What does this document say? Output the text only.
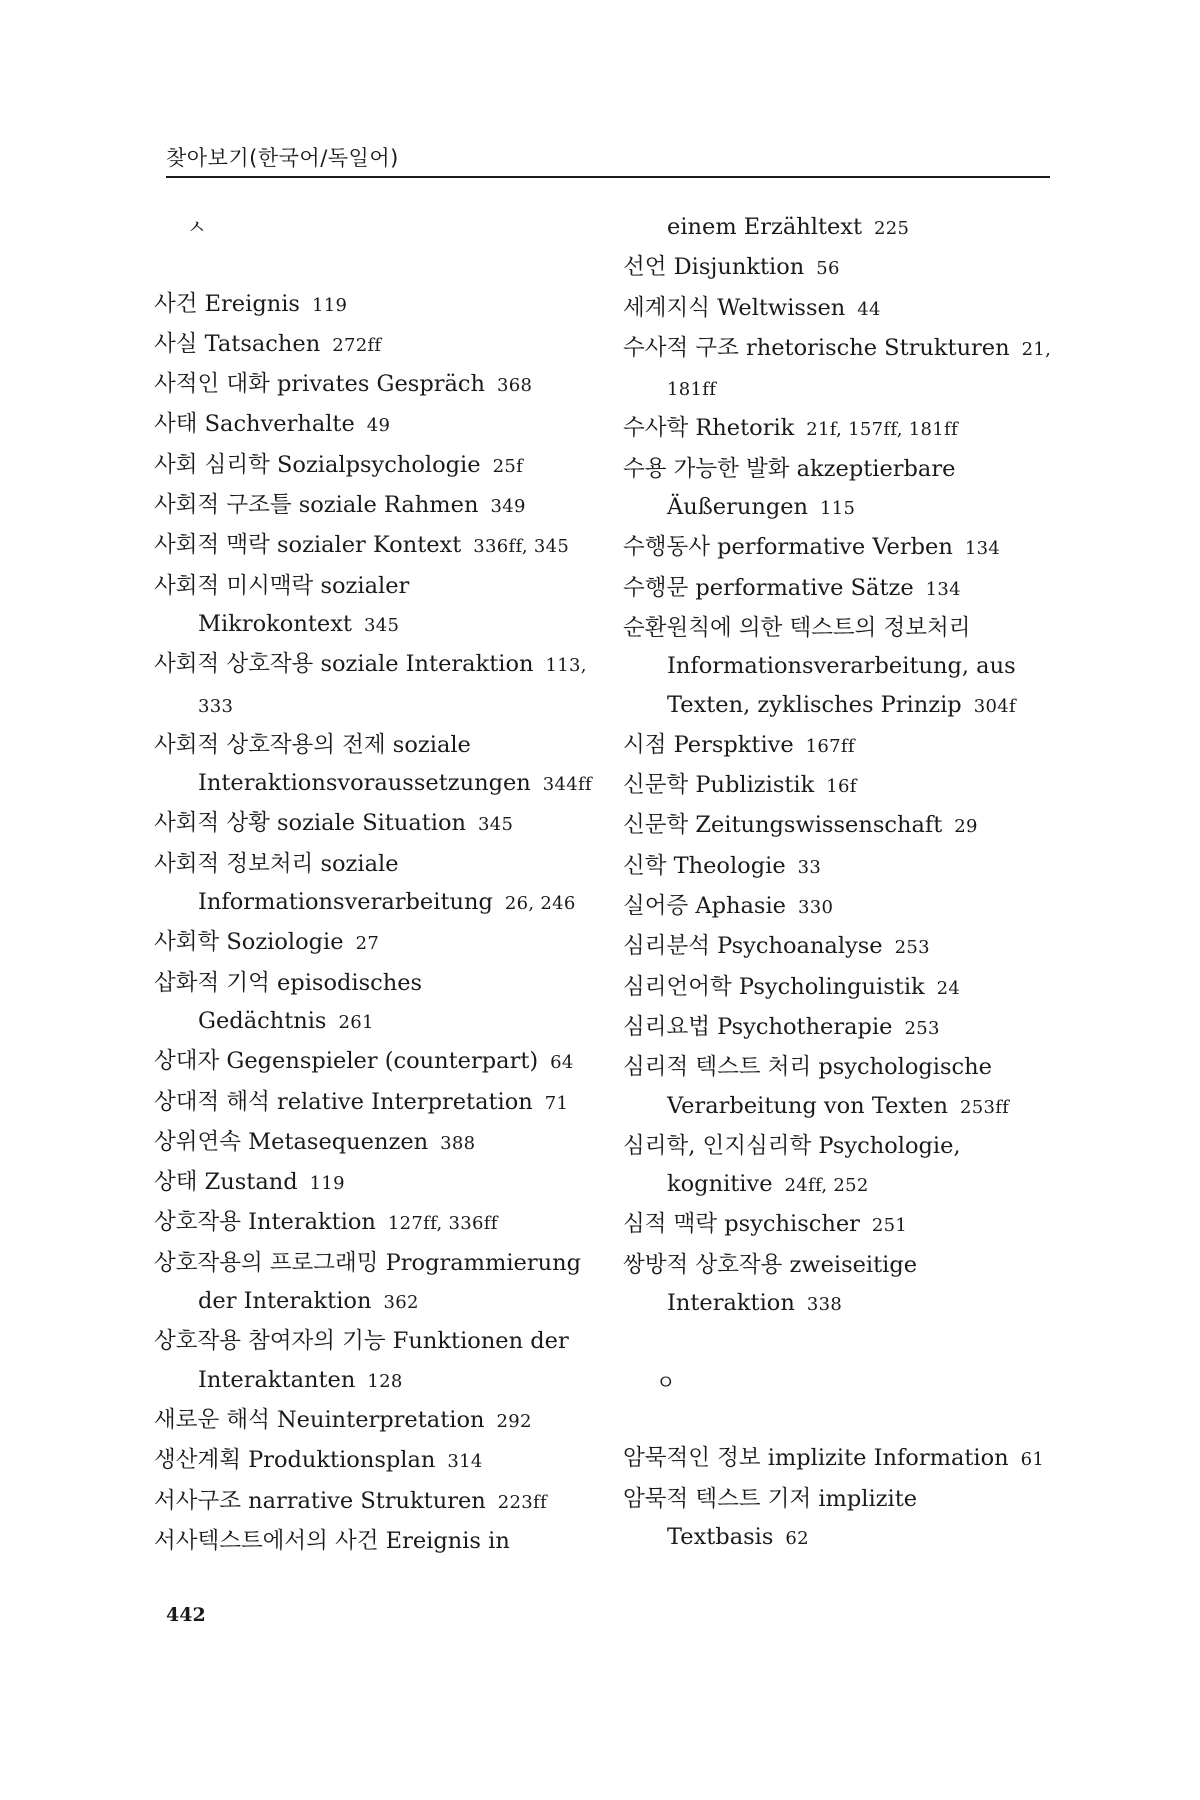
찾아보기(한국어/독일어)
ㅅ
사건 Ereignis 119
사실 Tatsachen 272ff
사적인 대화 privates Gespräch 368
사태 Sachverhalte 49
사회 심리학 Sozialpsychologie 25f
사회적 구조틀 soziale Rahmen 349
사회적 맥락 sozialer Kontext 336ff, 345
사회적 미시맥락 sozialer Mikrokontext 345
사회적 상호작용 soziale Interaktion 113, 333
사회적 상호작용의 전제 soziale Interaktionsvoraussetzungen 344ff
사회적 상황 soziale Situation 345
사회적 정보처리 soziale Informationsverarbeitung 26, 246
사회학 Soziologie 27
삽화적 기억 episodisches Gedächtnis 261
상대자 Gegenspieler (counterpart) 64
상대적 해석 relative Interpretation 71
상위연속 Metasequenzen 388
상태 Zustand 119
상호작용 Interaktion 127ff, 336ff
상호작용의 프로그래밍 Programmierung der Interaktion 362
상호작용 참여자의 기능 Funktionen der Interaktanten 128
새로운 해석 Neuinterpretation 292
생산계획 Produktionsplan 314
서사구조 narrative Strukturen 223ff
서사텍스트에서의 사건 Ereignis in
einem Erzähltext 225
선언 Disjunktion 56
세계지식 Weltwissen 44
수사적 구조 rhetorische Strukturen 21, 181ff
수사학 Rhetorik 21f, 157ff, 181ff
수용 가능한 발화 akzeptierbare Äußerungen 115
수행동사 performative Verben 134
수행문 performative Sätze 134
순환원칙에 의한 텍스트의 정보처리 Informationsverarbeitung, aus Texten, zyklisches Prinzip 304f
시점 Perspktive 167ff
신문학 Publizistik 16f
신문학 Zeitungswissenschaft 29
신학 Theologie 33
실어증 Aphasie 330
심리분석 Psychoanalyse 253
심리언어학 Psycholinguistik 24
심리요법 Psychotherapie 253
심리적 텍스트 처리 psychologische Verarbeitung von Texten 253ff
심리학, 인지심리학 Psychologie, kognitive 24ff, 252
심적 맥락 psychischer 251
쌍방적 상호작용 zweiseitige Interaktion 338
ㅇ
암묵적인 정보 implizite Information 61
암묵적 텍스트 기저 implizite Textbasis 62
442
